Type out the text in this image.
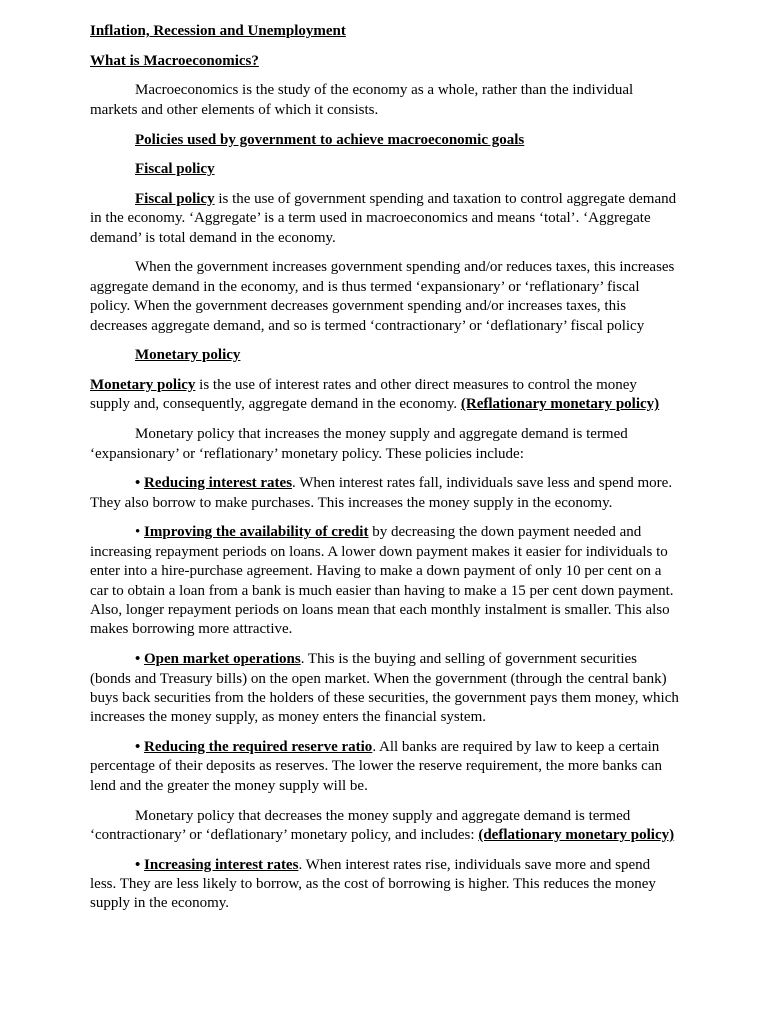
Inflation, Recession and Unemployment

What is Macroeconomics?

Macroeconomics is the study of the economy as a whole, rather than the individual markets and other elements of which it consists.

Policies used by government to achieve macroeconomic goals

Fiscal policy

Fiscal policy is the use of government spending and taxation to control aggregate demand in the economy. ‘Aggregate’ is a term used in macroeconomics and means ‘total’. ‘Aggregate demand’ is total demand in the economy.

When the government increases government spending and/or reduces taxes, this increases aggregate demand in the economy, and is thus termed ‘expansionary’ or ‘reflationary’ fiscal policy. When the government decreases government spending and/or increases taxes, this decreases aggregate demand, and so is termed ‘contractionary’ or ‘deflationary’ fiscal policy

Monetary policy

Monetary policy is the use of interest rates and other direct measures to control the money supply and, consequently, aggregate demand in the economy. (Reflationary monetary policy)

Monetary policy that increases the money supply and aggregate demand is termed ‘expansionary’ or ‘reflationary’ monetary policy. These policies include:

• Reducing interest rates. When interest rates fall, individuals save less and spend more. They also borrow to make purchases. This increases the money supply in the economy.

• Improving the availability of credit by decreasing the down payment needed and increasing repayment periods on loans. A lower down payment makes it easier for individuals to enter into a hire-purchase agreement. Having to make a down payment of only 10 per cent on a car to obtain a loan from a bank is much easier than having to make a 15 per cent down payment. Also, longer repayment periods on loans mean that each monthly instalment is smaller. This also makes borrowing more attractive.

• Open market operations. This is the buying and selling of government securities (bonds and Treasury bills) on the open market. When the government (through the central bank) buys back securities from the holders of these securities, the government pays them money, which increases the money supply, as money enters the financial system.

• Reducing the required reserve ratio. All banks are required by law to keep a certain percentage of their deposits as reserves. The lower the reserve requirement, the more banks can lend and the greater the money supply will be.

Monetary policy that decreases the money supply and aggregate demand is termed ‘contractionary’ or ‘deflationary’ monetary policy, and includes: (deflationary monetary policy)

• Increasing interest rates. When interest rates rise, individuals save more and spend less. They are less likely to borrow, as the cost of borrowing is higher. This reduces the money supply in the economy.
